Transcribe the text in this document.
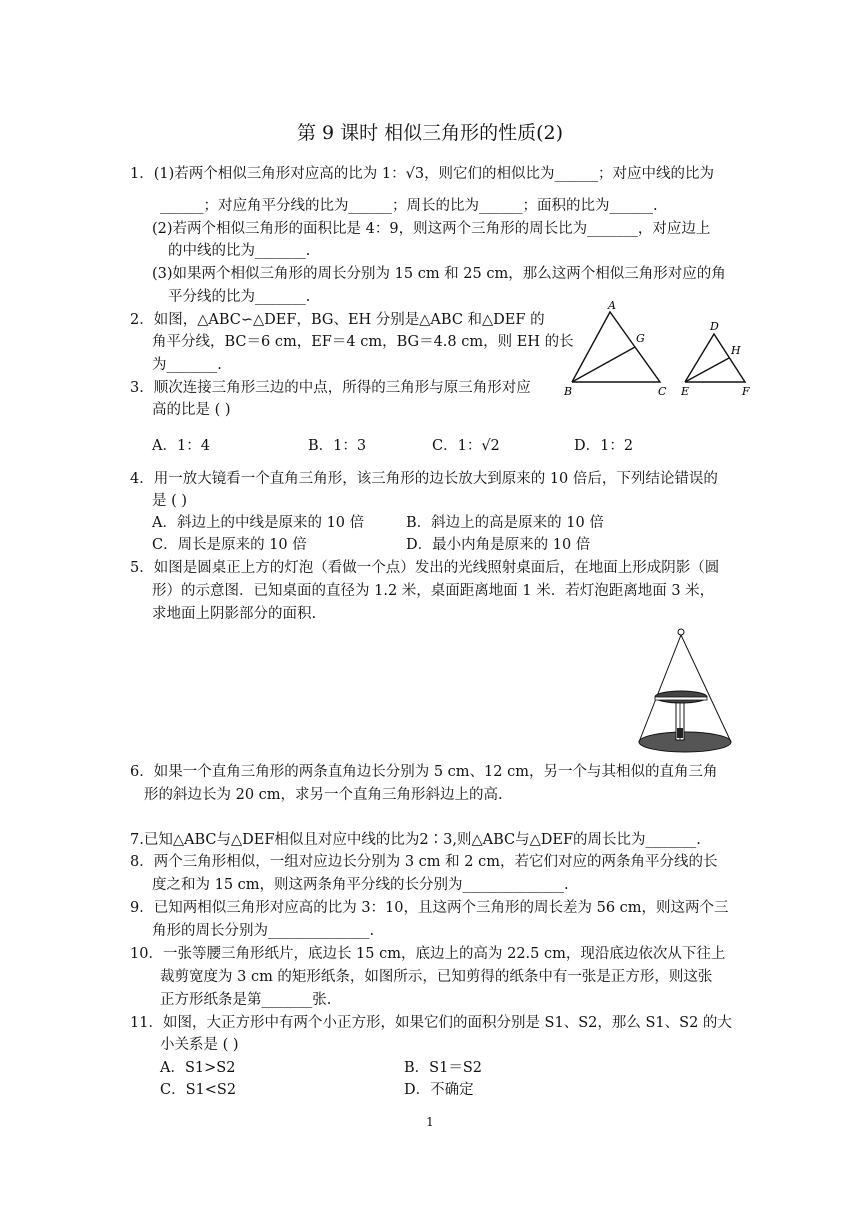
第 9 课时 相似三角形的性质(2)
1．(1)若两个相似三角形对应高的比为 1：√3，则它们的相似比为______；对应中线的比为
______；对应角平分线的比为______；周长的比为______；面积的比为______.
(2)若两个相似三角形的面积比是 4：9，则这两个三角形的周长比为_______，对应边上
的中线的比为_______.
(3)如果两个相似三角形的周长分别为 15 cm 和 25 cm，那么这两个相似三角形对应的角
平分线的比为_______.
2．如图，△ABC∽△DEF，BG、EH 分别是△ABC 和△DEF 的
角平分线，BC＝6 cm，EF＝4 cm，BG＝4.8 cm，则 EH 的长
为_______.
A
B	C
G
D
E	F
H
3．顺次连接三角形三边的中点，所得的三角形与原三角形对应
高的比是 ( )
A．1：4	B．1：3	C．1：√2	D．1：2
4．用一放大镜看一个直角三角形，该三角形的边长放大到原来的 10 倍后，下列结论错误的
是 ( )
A．斜边上的中线是原来的 10 倍	B．斜边上的高是原来的 10 倍
C．周长是原来的 10 倍	D．最小内角是原来的 10 倍
5．如图是圆桌正上方的灯泡（看做一个点）发出的光线照射桌面后，在地面上形成阴影（圆
形）的示意图．已知桌面的直径为 1.2 米，桌面距离地面 1 米．若灯泡距离地面 3 米，
求地面上阴影部分的面积.
6．如果一个直角三角形的两条直角边长分别为 5 cm、12 cm，另一个与其相似的直角三角
形的斜边长为 20 cm，求另一个直角三角形斜边上的高.
7.已知△ABC与△DEF相似且对应中线的比为2∶3,则△ABC与△DEF的周长比为_______.
8．两个三角形相似，一组对应边长分别为 3 cm 和 2 cm，若它们对应的两条角平分线的长
度之和为 15 cm，则这两条角平分线的长分别为______________.
9．已知两相似三角形对应高的比为 3：10，且这两个三角形的周长差为 56 cm，则这两个三
角形的周长分别为______________.
10．一张等腰三角形纸片，底边长 15 cm，底边上的高为 22.5 cm，现沿底边依次从下往上
裁剪宽度为 3 cm 的矩形纸条，如图所示，已知剪得的纸条中有一张是正方形，则这张
正方形纸条是第_______张.
11．如图，大正方形中有两个小正方形，如果它们的面积分别是 S1、S2，那么 S1、S2 的大
小关系是 ( )
A．S1>S2	B．S1＝S2
C．S1<S2	D．不确定
1
